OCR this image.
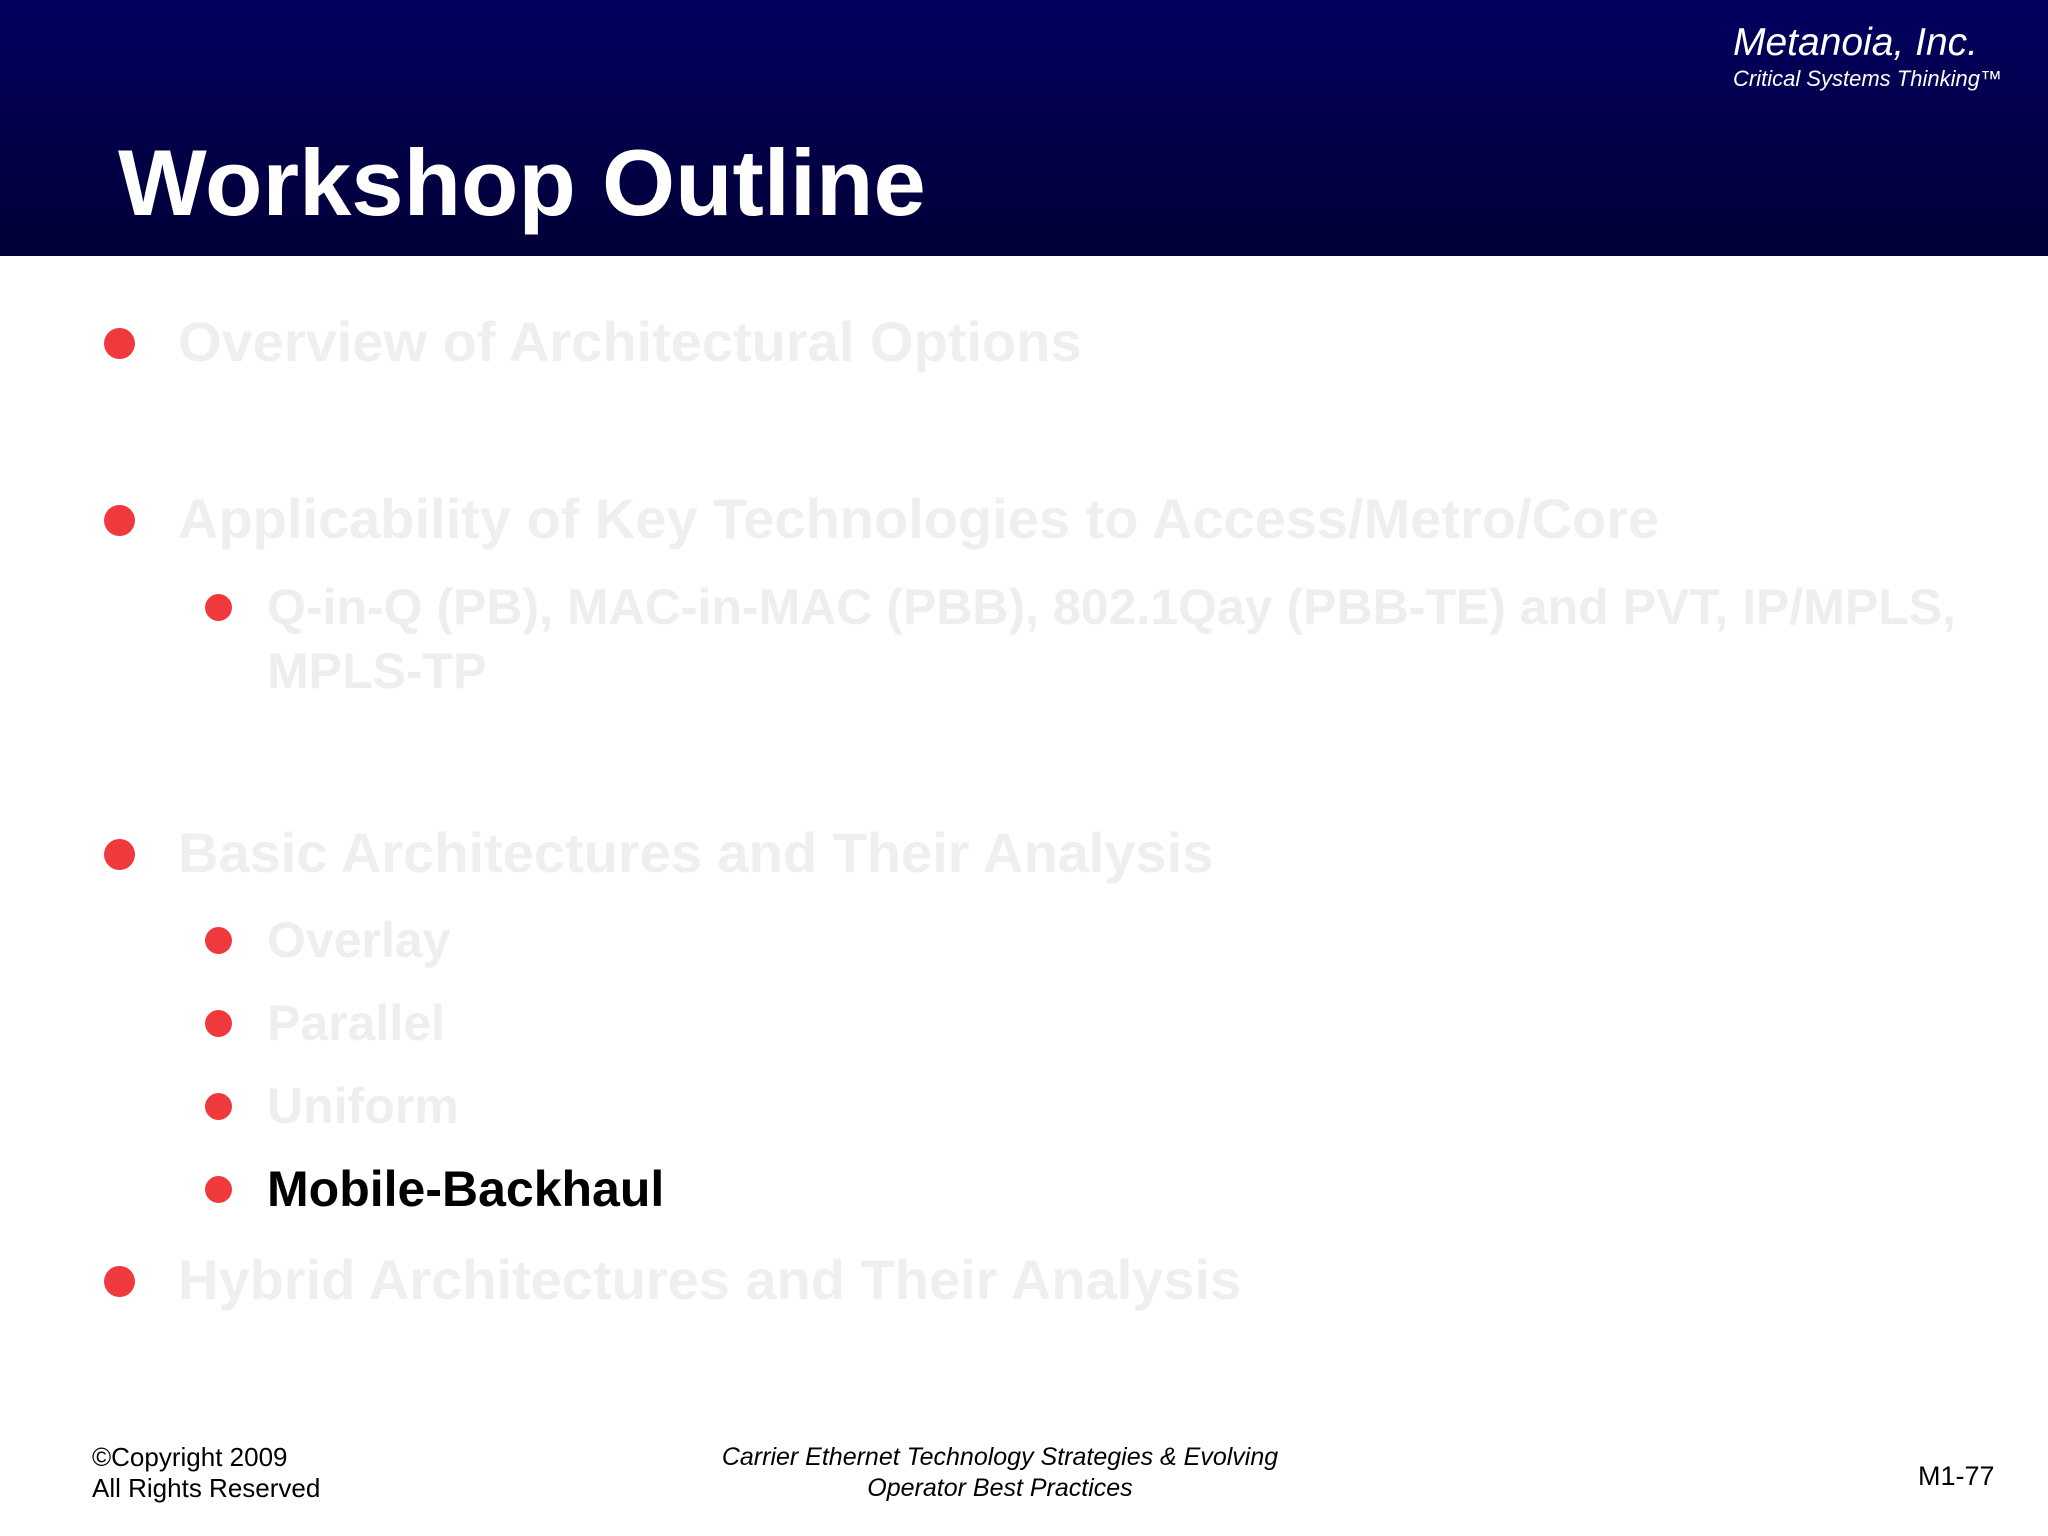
Metanoia, Inc.
Critical Systems Thinking™
Workshop Outline
Overview of Architectural Options
Applicability of Key Technologies to Access/Metro/Core
Q-in-Q (PB), MAC-in-MAC (PBB), 802.1Qay (PBB-TE) and PVT, IP/MPLS,
MPLS-TP
Basic Architectures and Their Analysis
Overlay
Parallel
Uniform
Mobile-Backhaul
Hybrid Architectures and Their Analysis
©Copyright 2009
All Rights Reserved
Carrier Ethernet Technology Strategies & Evolving
Operator Best Practices	M1-77
